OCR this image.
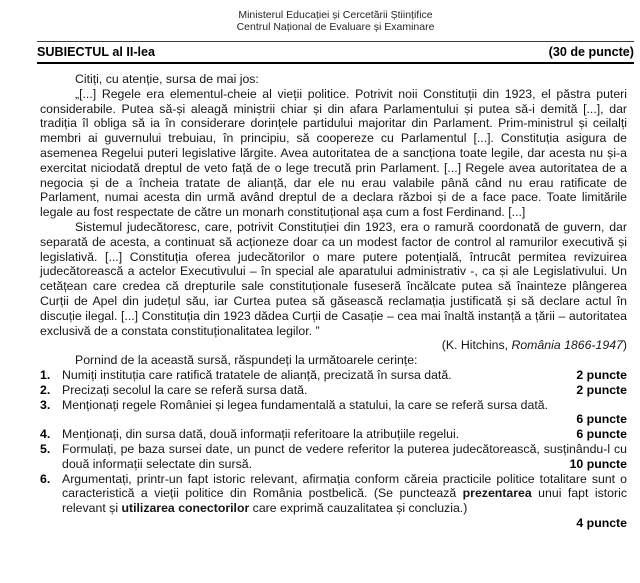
Ministerul Educației și Cercetării Științifice
Centrul Național de Evaluare și Examinare
SUBIECTUL al II-lea	(30 de puncte)

Citiți, cu atenție, sursa de mai jos:

„[...] Regele era elementul-cheie al vieții politice. Potrivit noii Constituții din 1923, el păstra puteri considerabile. Putea să-și aleagă miniștrii chiar și din afara Parlamentului și putea să-i demită [...], dar tradiția îl obliga să ia în considerare dorințele partidului majoritar din Parlament. Prim-ministrul și ceilalți membri ai guvernului trebuiau, în principiu, să coopereze cu Parlamentul [...]. Constituția asigura de asemenea Regelui puteri legislative lărgite. Avea autoritatea de a sancționa toate legile, dar acesta nu și-a exercitat niciodată dreptul de veto față de o lege trecută prin Parlament. [...] Regele avea autoritatea de a negocia și de a încheia tratate de alianță, dar ele nu erau valabile până când nu erau ratificate de Parlament, numai acesta din urmă având dreptul de a declara război și de a face pace. Toate limitările legale au fost respectate de către un monarh constituțional așa cum a fost Ferdinand. [...]

Sistemul judecătoresc, care, potrivit Constituției din 1923, era o ramură coordonată de guvern, dar separată de acesta, a continuat să acționeze doar ca un modest factor de control al ramurilor executivă și legislativă. [...] Constituția oferea judecătorilor o mare putere potențială, întrucât permitea revizuirea judecătorească a actelor Executivului – în special ale aparatului administrativ -, ca și ale Legislativului. Un cetățean care credea că drepturile sale constituționale fuseseră încălcate putea să înainteze plângerea Curții de Apel din județul său, iar Curtea putea să găsească reclamația justificată și să declare actul în discuție ilegal. [...] Constituția din 1923 dădea Curții de Casație – cea mai înaltă instanță a țării – autoritatea exclusivă de a constata constituționalitatea legilor. ”

(K. Hitchins, România 1866-1947)

Pornind de la această sursă, răspundeți la următoarele cerințe:

1. Numiți instituția care ratifică tratatele de alianță, precizată în sursa dată.	2 puncte
2. Precizați secolul la care se referă sursa dată.	2 puncte
3. Menționați regele României și legea fundamentală a statului, la care se referă sursa dată.
6 puncte
4. Menționați, din sursa dată, două informații referitoare la atribuțiile regelui.	6 puncte
5. Formulați, pe baza sursei date, un punct de vedere referitor la puterea judecătorească, susținându-l cu două informații selectate din sursă.	10 puncte
6. Argumentați, printr-un fapt istoric relevant, afirmația conform căreia practicile politice totalitare sunt o caracteristică a vieții politice din România postbelică. (Se punctează prezentarea unui fapt istoric relevant și utilizarea conectorilor care exprimă cauzalitatea și concluzia.)
4 puncte
